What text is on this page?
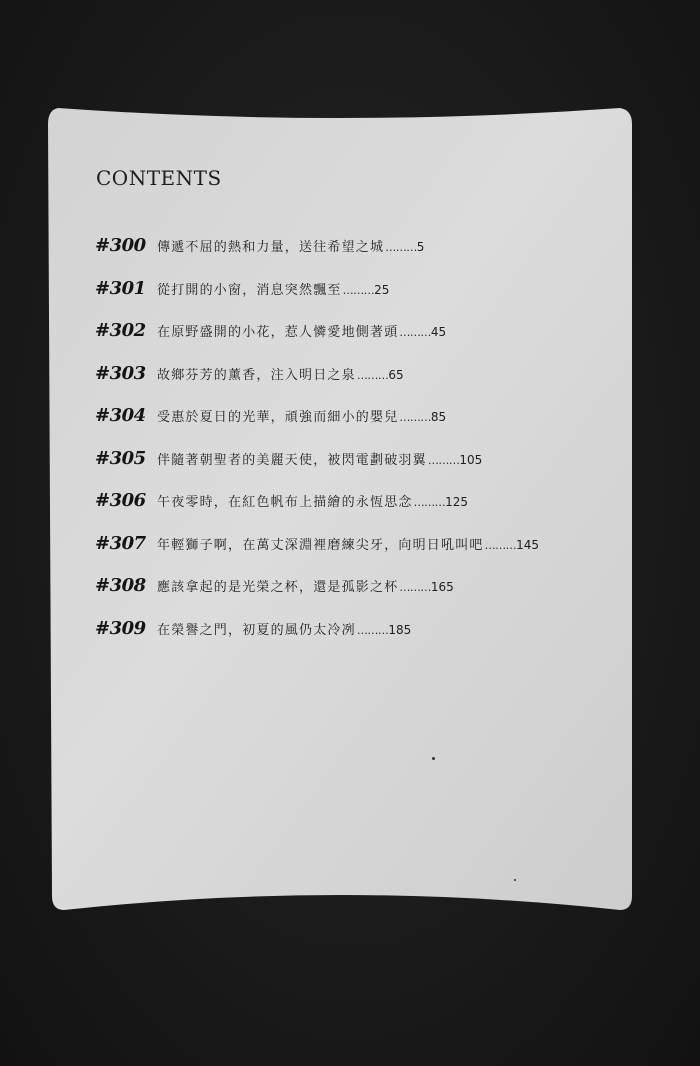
CONTENTS
#300 傳遞不屈的熱和力量，送往希望之城 ……… 5
#301 從打開的小窗，消息突然飄至 ……… 25
#302 在原野盛開的小花，惹人憐愛地側著頭 ……… 45
#303 故鄉芬芳的薰香，注入明日之泉 ……… 65
#304 受惠於夏日的光華，頑強而細小的嬰兒 ……… 85
#305 伴隨著朝聖者的美麗天使，被閃電劃破羽翼 ……… 105
#306 午夜零時，在紅色帆布上描繪的永恆思念 ……… 125
#307 年輕獅子啊，在萬丈深淵裡磨練尖牙，向明日吼叫吧 ……… 145
#308 應該拿起的是光榮之杯，還是孤影之杯 ……… 165
#309 在榮譽之門，初夏的風仍太冷冽 ……… 185
